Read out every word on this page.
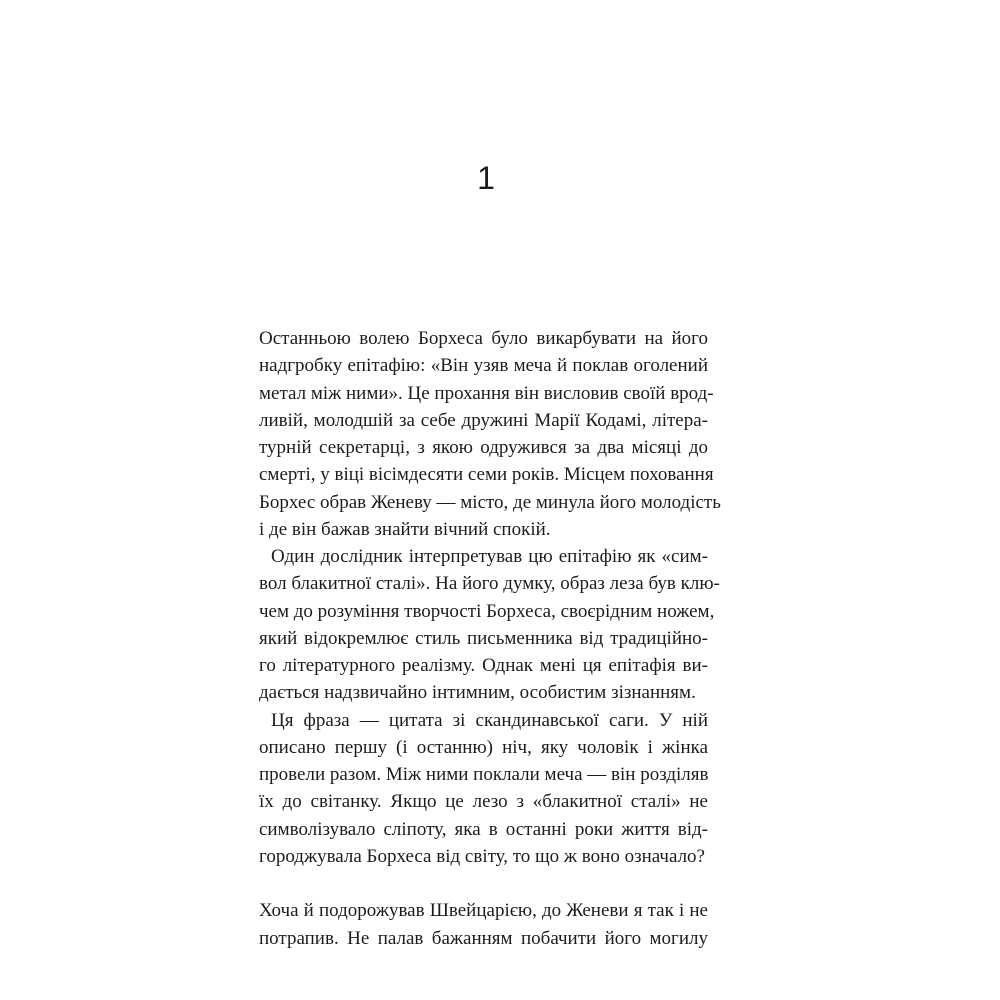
1
Останньою волею Борхеса було викарбувати на його
надгробку епітафію: «Він узяв меча й поклав оголений
метал між ними». Це прохання він висловив своїй врод-
ливій, молодшій за себе дружині Марії Кодамі, літера-
турній секретарці, з якою одружився за два місяці до
смерті, у віці вісімдесяти семи років. Місцем поховання
Борхес обрав Женеву — місто, де минула його молодість
і де він бажав знайти вічний спокій.
Один дослідник інтерпретував цю епітафію як «сим-
вол блакитної сталі». На його думку, образ леза був клю-
чем до розуміння творчості Борхеса, своєрідним ножем,
який відокремлює стиль письменника від традиційно-
го літературного реалізму. Однак мені ця епітафія ви-
дається надзвичайно інтимним, особистим зізнанням.
Ця фраза — цитата зі скандинавської саги. У ній
описано першу (і останню) ніч, яку чоловік і жінка
провели разом. Між ними поклали меча — він розділяв
їх до світанку. Якщо це лезо з «блакитної сталі» не
символізувало сліпоту, яка в останні роки життя від-
городжувала Борхеса від світу, то що ж воно означало?
Хоча й подорожував Швейцарією, до Женеви я так і не
потрапив. Не палав бажанням побачити його могилу
